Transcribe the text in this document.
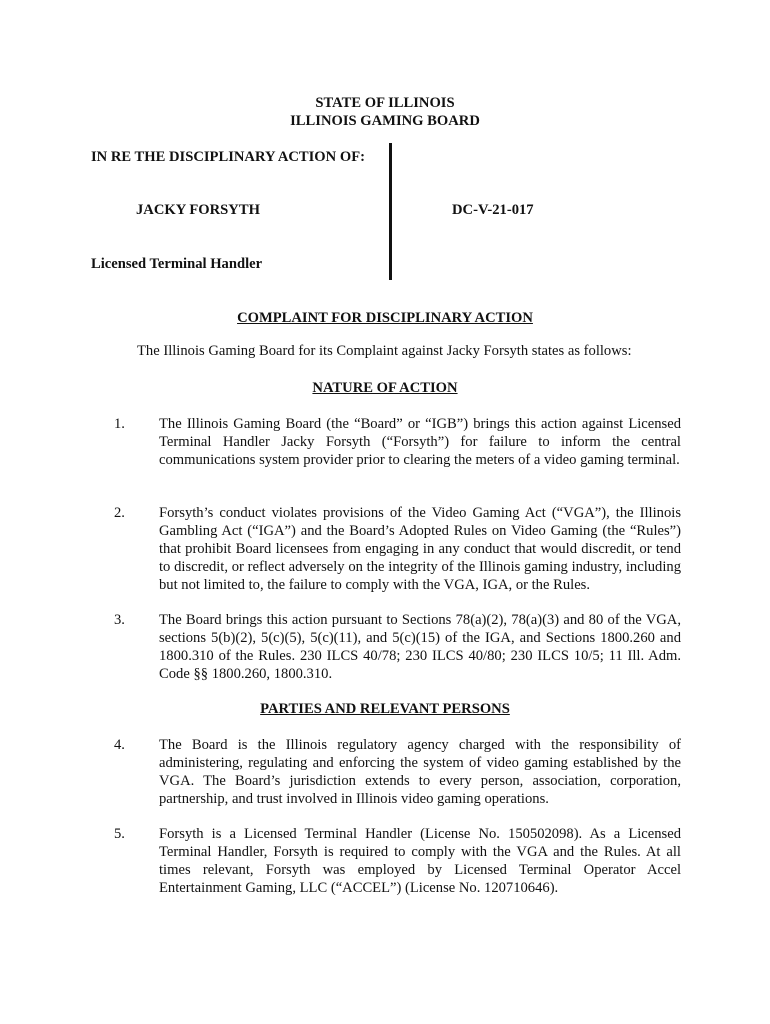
STATE OF ILLINOIS
ILLINOIS GAMING BOARD
IN RE THE DISCIPLINARY ACTION OF:
JACKY FORSYTH	DC-V-21-017
Licensed Terminal Handler
COMPLAINT FOR DISCIPLINARY ACTION
The Illinois Gaming Board for its Complaint against Jacky Forsyth states as follows:
NATURE OF ACTION
1.	The Illinois Gaming Board (the “Board” or “IGB”) brings this action against Licensed Terminal Handler Jacky Forsyth (“Forsyth”) for failure to inform the central communications system provider prior to clearing the meters of a video gaming terminal.
2.	Forsyth’s conduct violates provisions of the Video Gaming Act (“VGA”), the Illinois Gambling Act (“IGA”) and the Board’s Adopted Rules on Video Gaming (the “Rules”) that prohibit Board licensees from engaging in any conduct that would discredit, or tend to discredit, or reflect adversely on the integrity of the Illinois gaming industry, including but not limited to, the failure to comply with the VGA, IGA, or the Rules.
3.	The Board brings this action pursuant to Sections 78(a)(2), 78(a)(3) and 80 of the VGA, sections 5(b)(2), 5(c)(5), 5(c)(11), and 5(c)(15) of the IGA, and Sections 1800.260 and 1800.310 of the Rules. 230 ILCS 40/78; 230 ILCS 40/80; 230 ILCS 10/5; 11 Ill. Adm. Code §§ 1800.260, 1800.310.
PARTIES AND RELEVANT PERSONS
4.	The Board is the Illinois regulatory agency charged with the responsibility of administering, regulating and enforcing the system of video gaming established by the VGA. The Board’s jurisdiction extends to every person, association, corporation, partnership, and trust involved in Illinois video gaming operations.
5.	Forsyth is a Licensed Terminal Handler (License No. 150502098). As a Licensed Terminal Handler, Forsyth is required to comply with the VGA and the Rules. At all times relevant, Forsyth was employed by Licensed Terminal Operator Accel Entertainment Gaming, LLC (“ACCEL”) (License No. 120710646).
